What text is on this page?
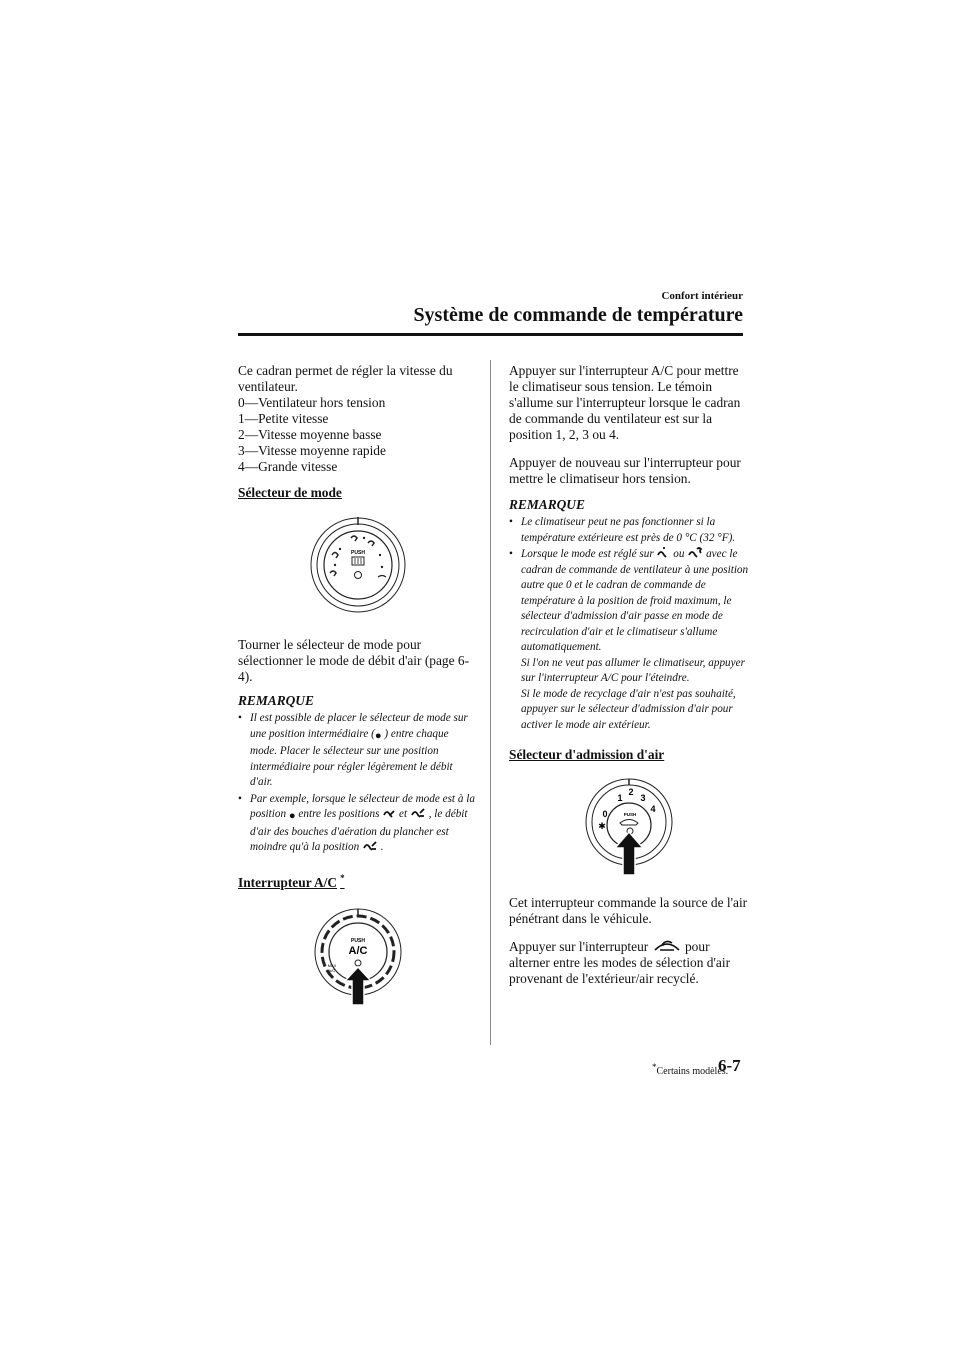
Confort intérieur
Système de commande de température

Ce cadran permet de régler la vitesse du ventilateur.

0―Ventilateur hors tension

1―Petite vitesse

2―Vitesse moyenne basse

3―Vitesse moyenne rapide

4―Grande vitesse

Sélecteur de mode
PUSH

Tourner le sélecteur de mode pour sélectionner le mode de débit d'air (page 6-4).

REMARQUE
• Il est possible de placer le sélecteur de mode sur une position intermédiaire (● ) entre chaque mode. Placer le sélecteur sur une position intermédiaire pour régler légèrement le débit d'air.
• Par exemple, lorsque le sélecteur de mode est à la position ● entre les positions et , le débit d'air des bouches d'aération du plancher est moindre qu'à la position .
Interrupteur A/C *
PUSH
A/C
MAX
A/C

Appuyer sur l'interrupteur A/C pour mettre le climatiseur sous tension. Le témoin s'allume sur l'interrupteur lorsque le cadran de commande du ventilateur est sur la position 1, 2, 3 ou 4.

Appuyer de nouveau sur l'interrupteur pour mettre le climatiseur hors tension.

REMARQUE
• Le climatiseur peut ne pas fonctionner si la température extérieure est près de 0 °C (32 °F).
• Lorsque le mode est réglé sur ou avec le cadran de commande de ventilateur à une position autre que 0 et le cadran de commande de température à la position de froid maximum, le sélecteur d'admission d'air passe en mode de recirculation d'air et le climatiseur s'allume automatiquement.
Si l'on ne veut pas allumer le climatiseur, appuyer sur l'interrupteur A/C pour l'éteindre.
Si le mode de recyclage d'air n'est pas souhaité, appuyer sur le sélecteur d'admission d'air pour activer le mode air extérieur.
Sélecteur d'admission d'air
0
1
2
3
4
✱
PUSH

Cet interrupteur commande la source de l'air pénétrant dans le véhicule.

Appuyer sur l'interrupteur	pour alterner entre les modes de sélection d'air provenant de l'extérieur/air recyclé.

*Certains modèles.
6-7
